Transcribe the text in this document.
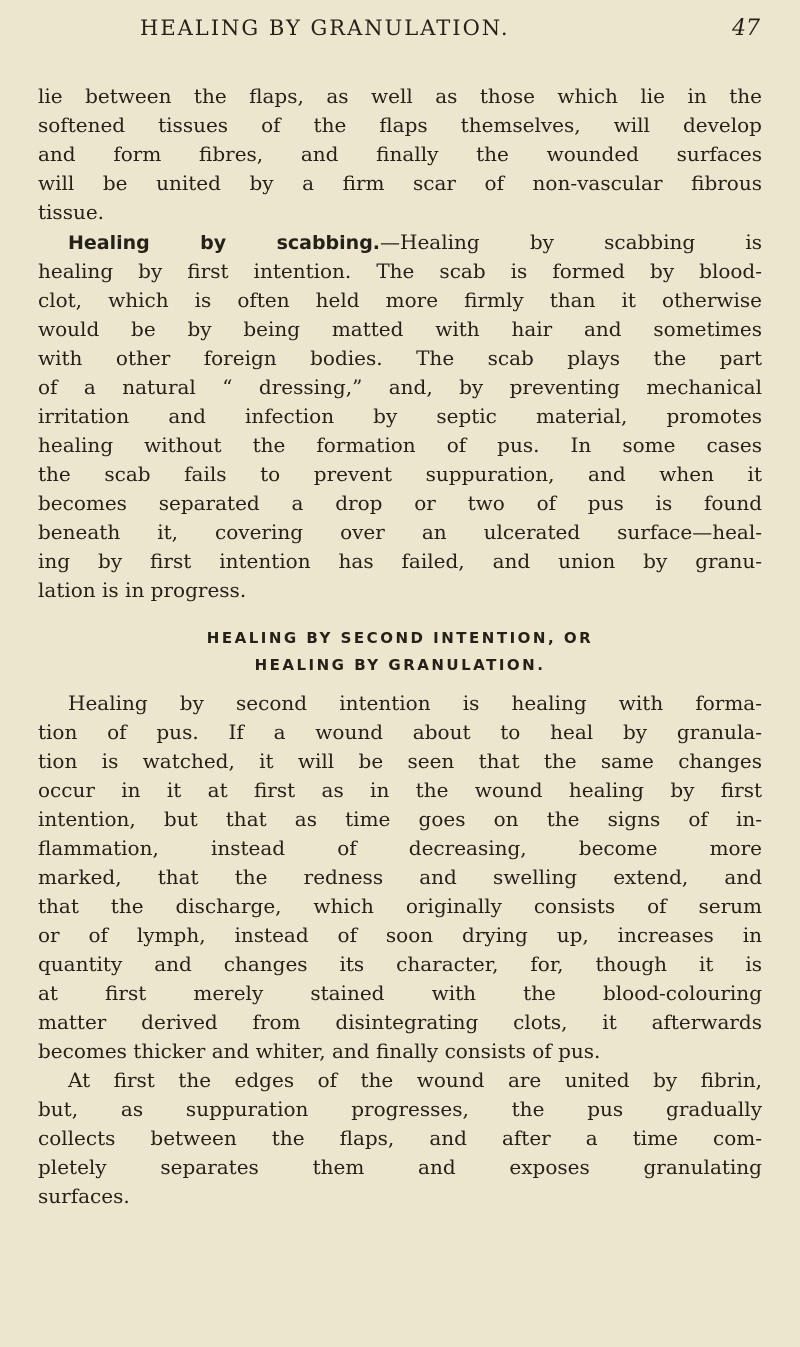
HEALING BY GRANULATION.	47
lie between the flaps, as well as those which lie in the
softened tissues of the flaps themselves, will develop
and form fibres, and finally the wounded surfaces
will be united by a firm scar of non-vascular fibrous
tissue.
Healing by scabbing.—Healing by scabbing is
healing by first intention. The scab is formed by blood-
clot, which is often held more firmly than it otherwise
would be by being matted with hair and sometimes
with other foreign bodies. The scab plays the part
of a natural “ dressing,” and, by preventing mechanical
irritation and infection by septic material, promotes
healing without the formation of pus. In some cases
the scab fails to prevent suppuration, and when it
becomes separated a drop or two of pus is found
beneath it, covering over an ulcerated surface—heal-
ing by first intention has failed, and union by granu-
lation is in progress.
HEALING BY SECOND INTENTION, OR
HEALING BY GRANULATION.
Healing by second intention is healing with forma-
tion of pus. If a wound about to heal by granula-
tion is watched, it will be seen that the same changes
occur in it at first as in the wound healing by first
intention, but that as time goes on the signs of in-
flammation, instead of decreasing, become more
marked, that the redness and swelling extend, and
that the discharge, which originally consists of serum
or of lymph, instead of soon drying up, increases in
quantity and changes its character, for, though it is
at first merely stained with the blood-colouring
matter derived from disintegrating clots, it afterwards
becomes thicker and whiter, and finally consists of pus.
At first the edges of the wound are united by fibrin,
but, as suppuration progresses, the pus gradually
collects between the flaps, and after a time com-
pletely separates them and exposes granulating
surfaces.
